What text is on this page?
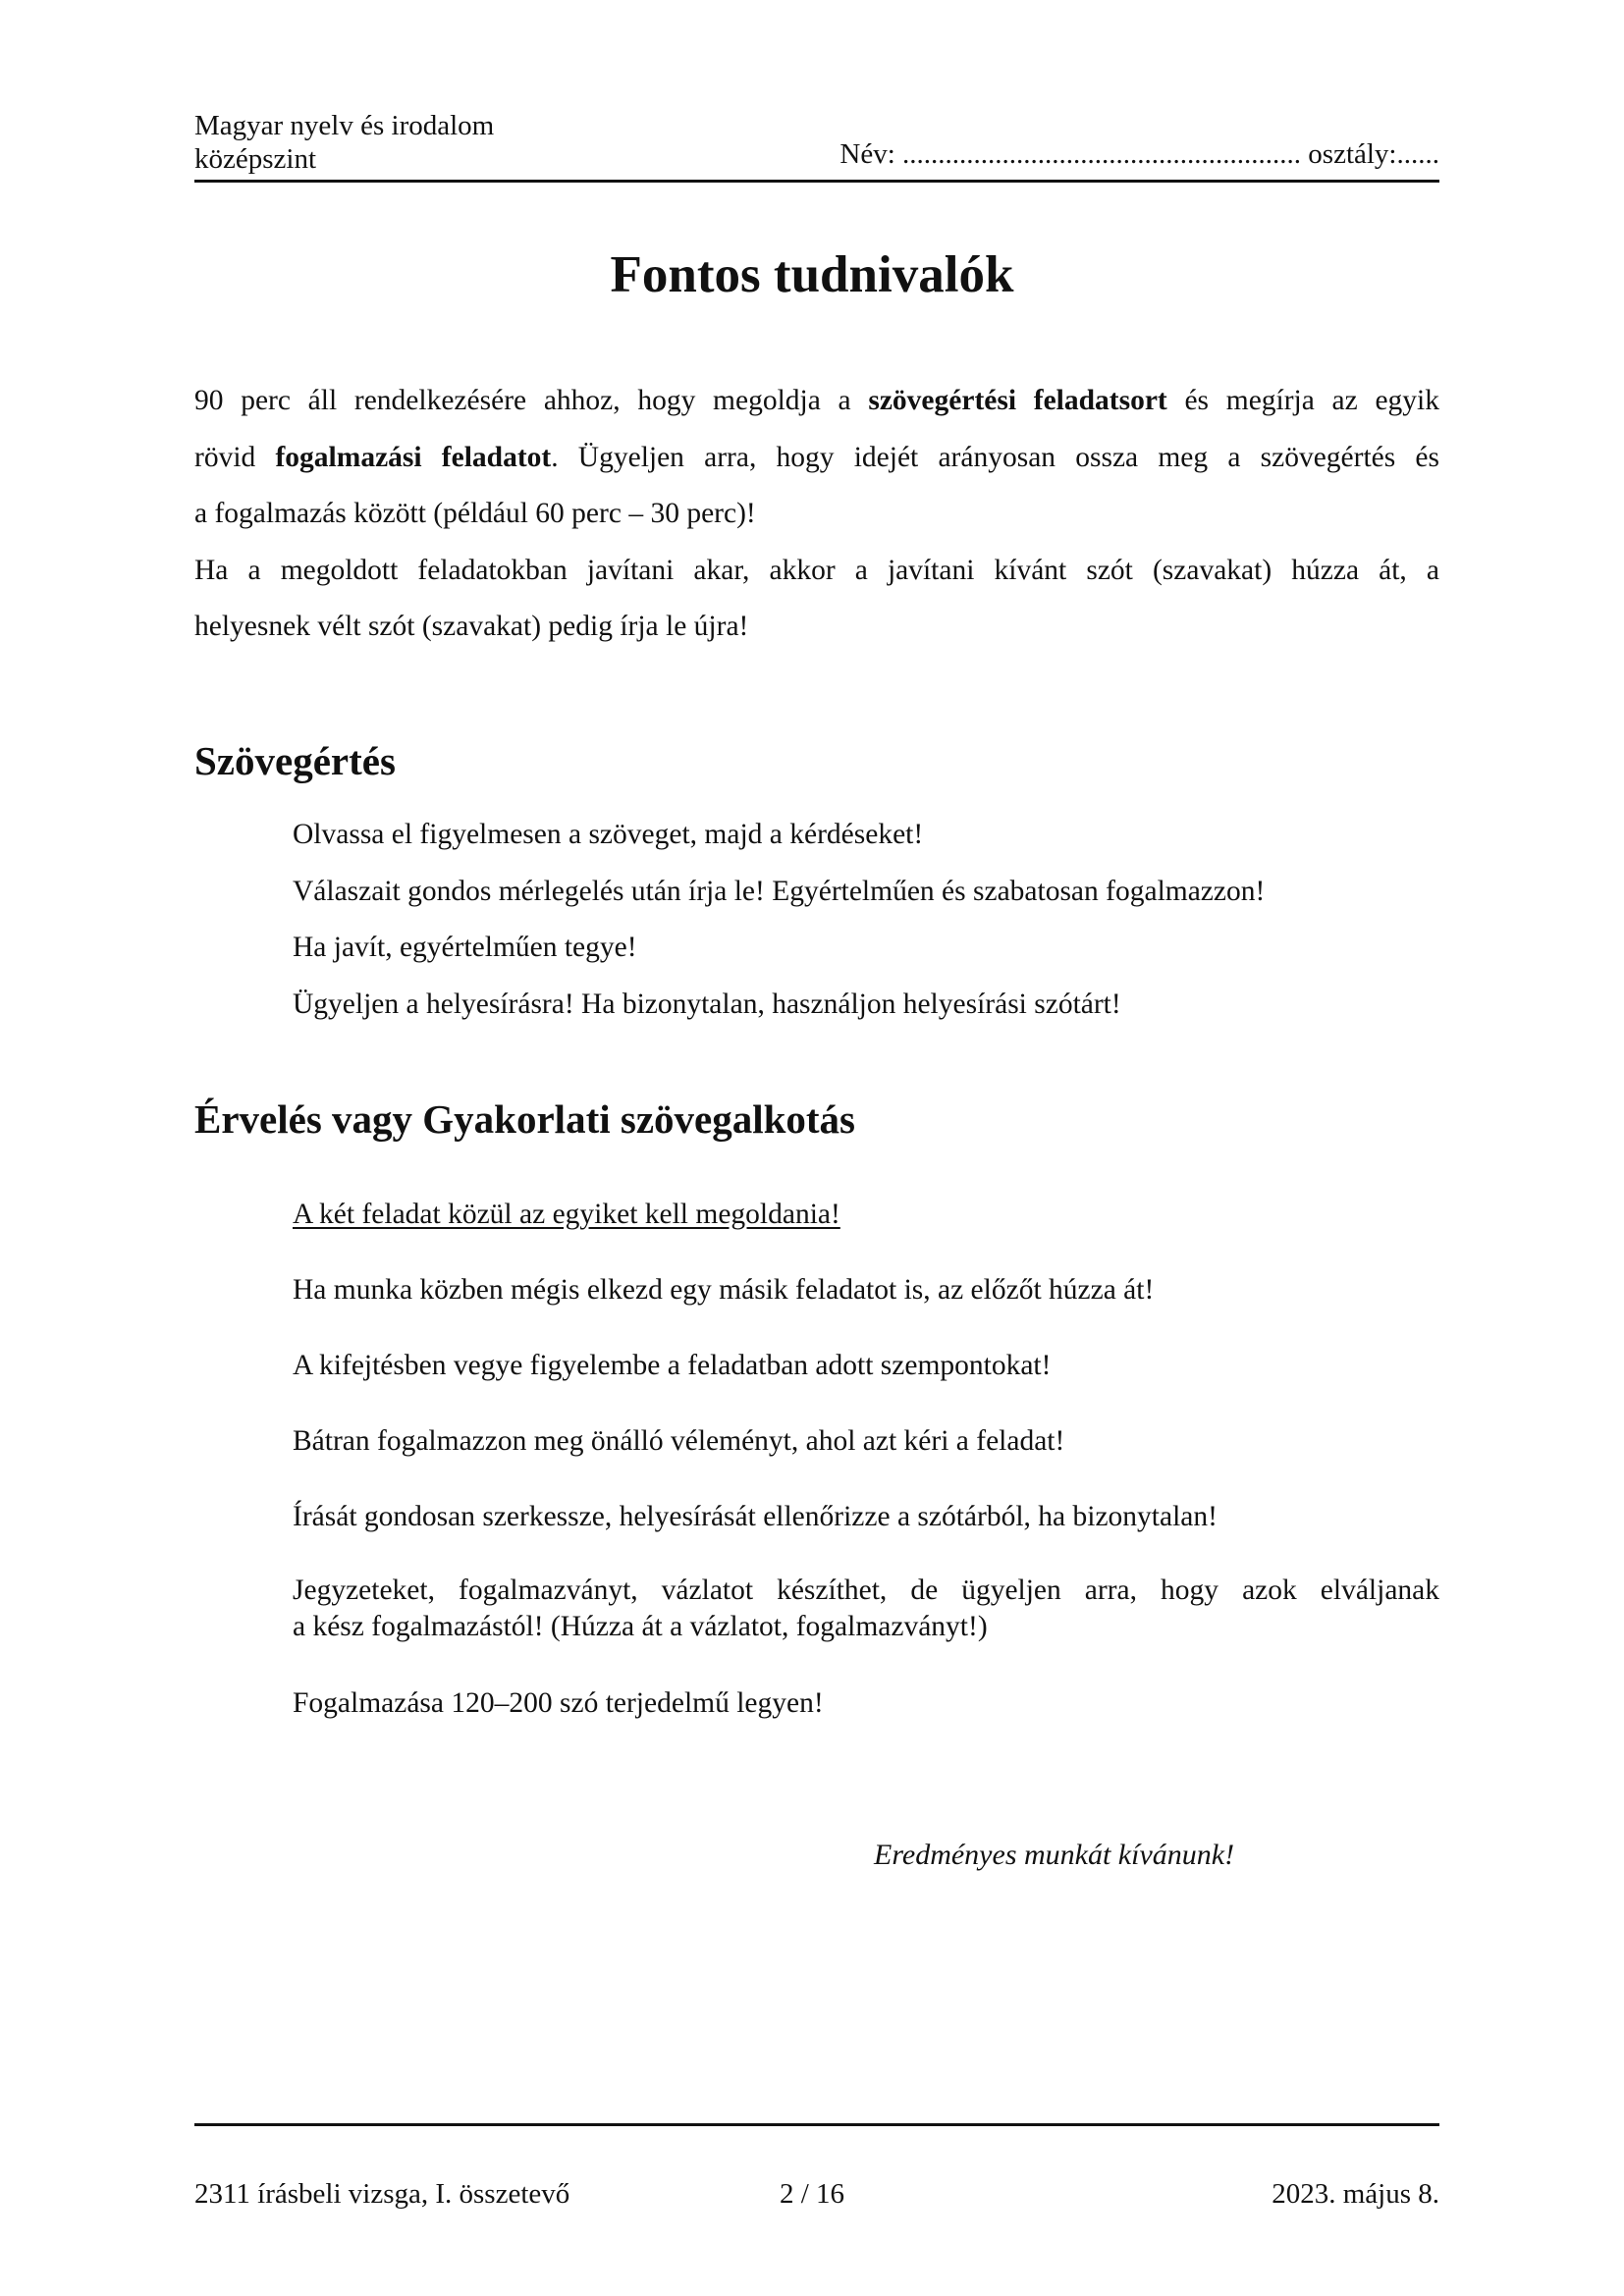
Magyar nyelv és irodalom
középszint	Név: ........................................................ osztály:......
Fontos tudnivalók
90 perc áll rendelkezésére ahhoz, hogy megoldja a szövegértési feladatsort és megírja az egyik
rövid fogalmazási feladatot. Ügyeljen arra, hogy idejét arányosan ossza meg a szövegértés és
a fogalmazás között (például 60 perc – 30 perc)!
Ha a megoldott feladatokban javítani akar, akkor a javítani kívánt szót (szavakat) húzza át, a
helyesnek vélt szót (szavakat) pedig írja le újra!
Szövegértés
Olvassa el figyelmesen a szöveget, majd a kérdéseket!
Válaszait gondos mérlegelés után írja le! Egyértelműen és szabatosan fogalmazzon!
Ha javít, egyértelműen tegye!
Ügyeljen a helyesírásra! Ha bizonytalan, használjon helyesírási szótárt!
Érvelés vagy Gyakorlati szövegalkotás
A két feladat közül az egyiket kell megoldania!
Ha munka közben mégis elkezd egy másik feladatot is, az előzőt húzza át!
A kifejtésben vegye figyelembe a feladatban adott szempontokat!
Bátran fogalmazzon meg önálló véleményt, ahol azt kéri a feladat!
Írását gondosan szerkessze, helyesírását ellenőrizze a szótárból, ha bizonytalan!
Jegyzeteket, fogalmazványt, vázlatot készíthet, de ügyeljen arra, hogy azok elváljanak
a kész fogalmazástól! (Húzza át a vázlatot, fogalmazványt!)
Fogalmazása 120–200 szó terjedelmű legyen!
Eredményes munkát kívánunk!
2311 írásbeli vizsga, I. összetevő	2 / 16	2023. május 8.
